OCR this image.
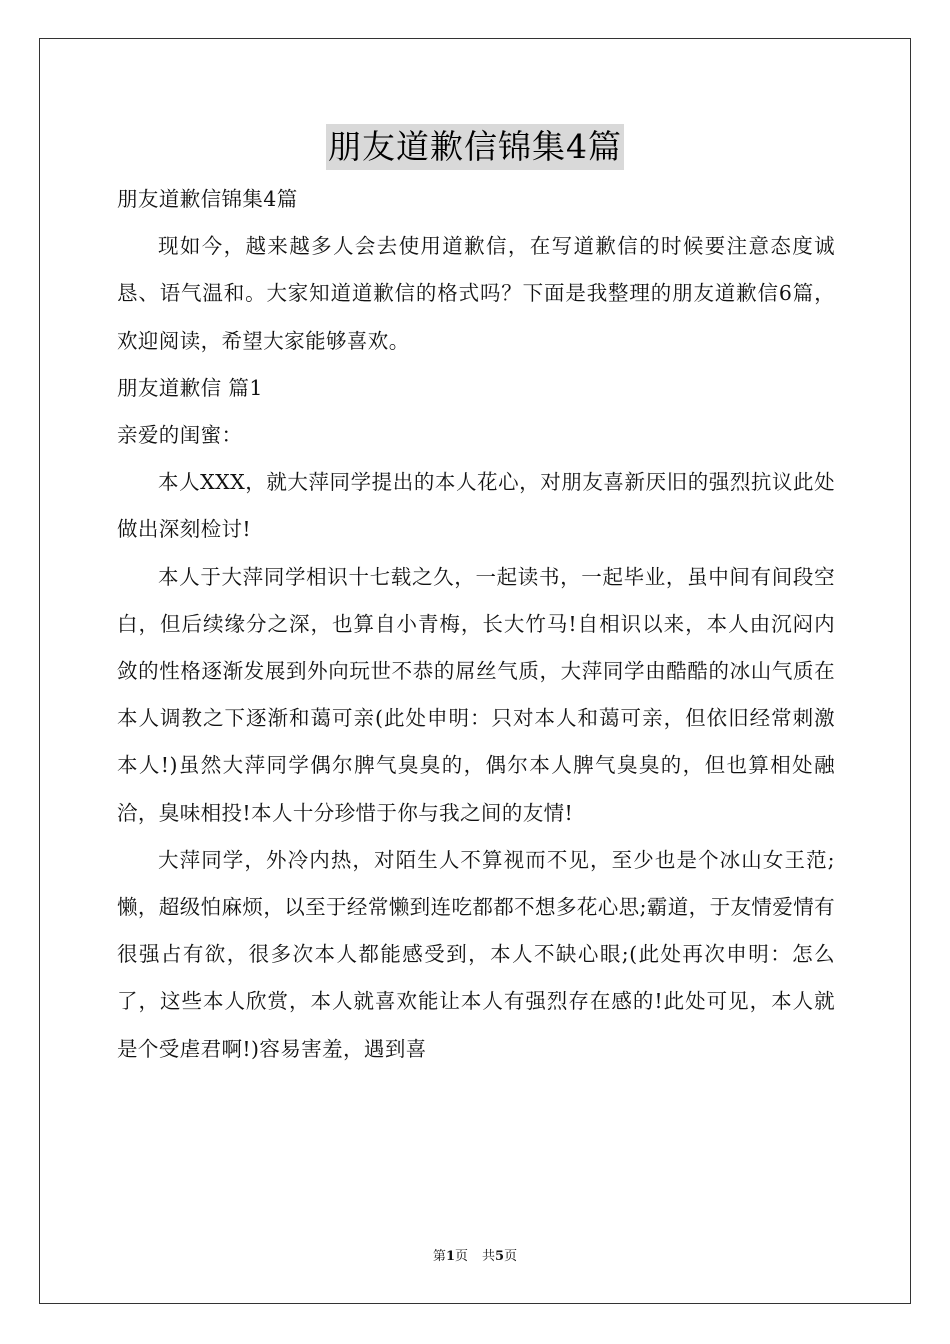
朋友道歉信锦集4篇

朋友道歉信锦集4篇

现如今，越来越多人会去使用道歉信，在写道歉信的时候要注意态度诚恳、语气温和。大家知道道歉信的格式吗？下面是我整理的朋友道歉信6篇，欢迎阅读，希望大家能够喜欢。

朋友道歉信 篇1

亲爱的闺蜜：

本人XXX，就大萍同学提出的本人花心，对朋友喜新厌旧的强烈抗议此处做出深刻检讨!

本人于大萍同学相识十七载之久，一起读书，一起毕业，虽中间有间段空白，但后续缘分之深，也算自小青梅，长大竹马!自相识以来，本人由沉闷内敛的性格逐渐发展到外向玩世不恭的屌丝气质，大萍同学由酷酷的冰山气质在本人调教之下逐渐和蔼可亲(此处申明：只对本人和蔼可亲，但依旧经常刺激本人!)虽然大萍同学偶尔脾气臭臭的，偶尔本人脾气臭臭的，但也算相处融洽，臭味相投!本人十分珍惜于你与我之间的友情!

大萍同学，外冷内热，对陌生人不算视而不见，至少也是个冰山女王范;懒，超级怕麻烦，以至于经常懒到连吃都都不想多花心思;霸道，于友情爱情有很强占有欲，很多次本人都能感受到，本人不缺心眼;(此处再次申明：怎么了，这些本人欣赏，本人就喜欢能让本人有强烈存在感的!此处可见，本人就是个受虐君啊!)容易害羞，遇到喜

第1页 共5页
